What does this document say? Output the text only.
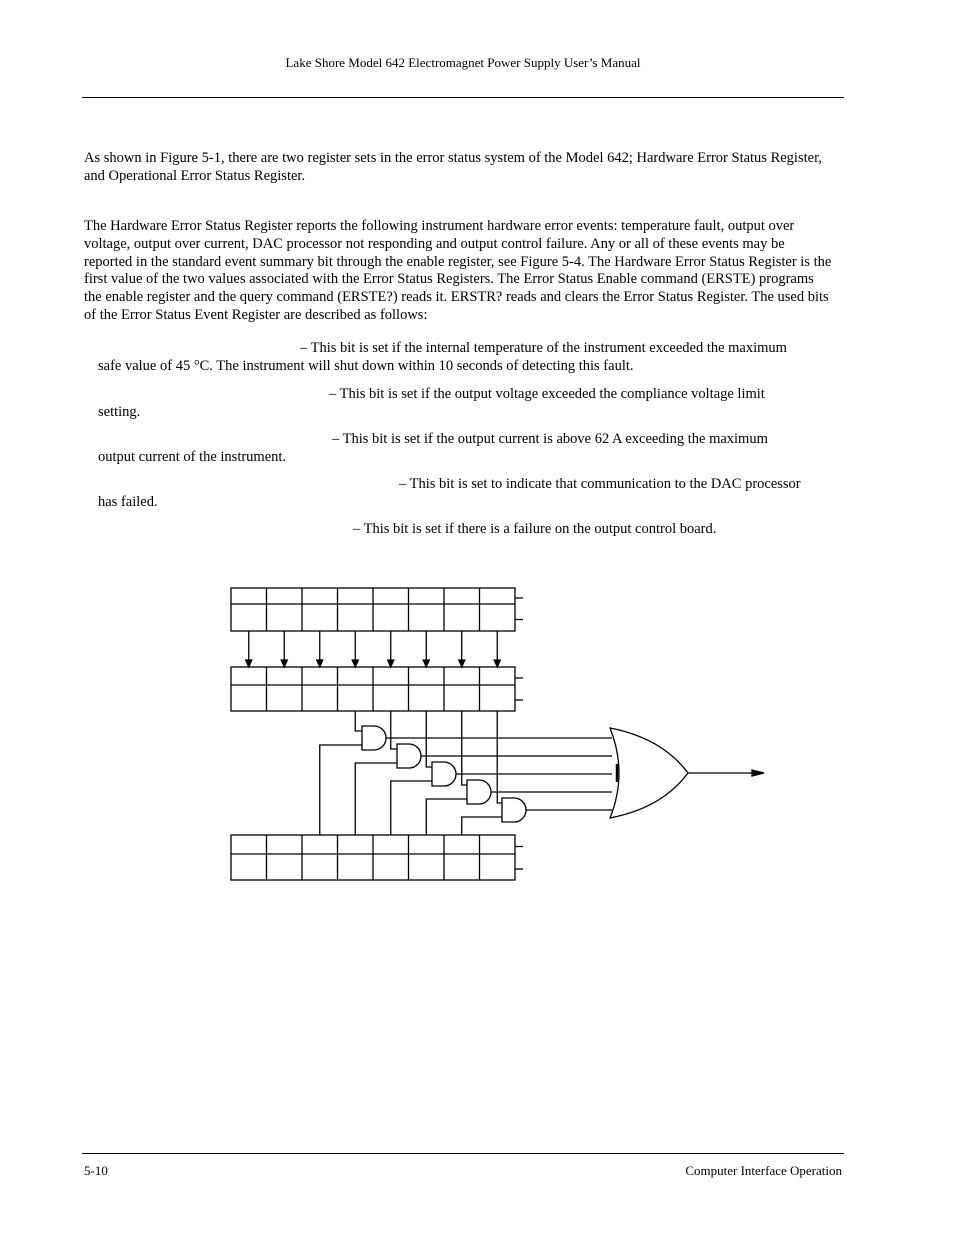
Lake Shore Model 642 Electromagnet Power Supply User’s Manual

As shown in Figure 5-1, there are two register sets in the error status system of the Model 642; Hardware Error Status Register, and Operational Error Status Register.

The Hardware Error Status Register reports the following instrument hardware error events: temperature fault, output over voltage, output over current, DAC processor not responding and output control failure. Any or all of these events may be reported in the standard event summary bit through the enable register, see Figure 5-4. The Hardware Error Status Register is the first value of the two values associated with the Error Status Registers. The Error Status Enable command (ERSTE) programs the enable register and the query command (ERSTE?) reads it. ERSTR? reads and clears the Error Status Register. The used bits of the Error Status Event Register are described as follows:

– This bit is set if the internal temperature of the instrument exceeded the maximum
safe value of 45 °C. The instrument will shut down within 10 seconds of detecting this fault.
– This bit is set if the output voltage exceeded the compliance voltage limit
setting.
– This bit is set if the output current is above 62 A exceeding the maximum
output current of the instrument.
– This bit is set to indicate that communication to the DAC processor
has failed.
– This bit is set if there is a failure on the output control board.
5-10	Computer Interface Operation
